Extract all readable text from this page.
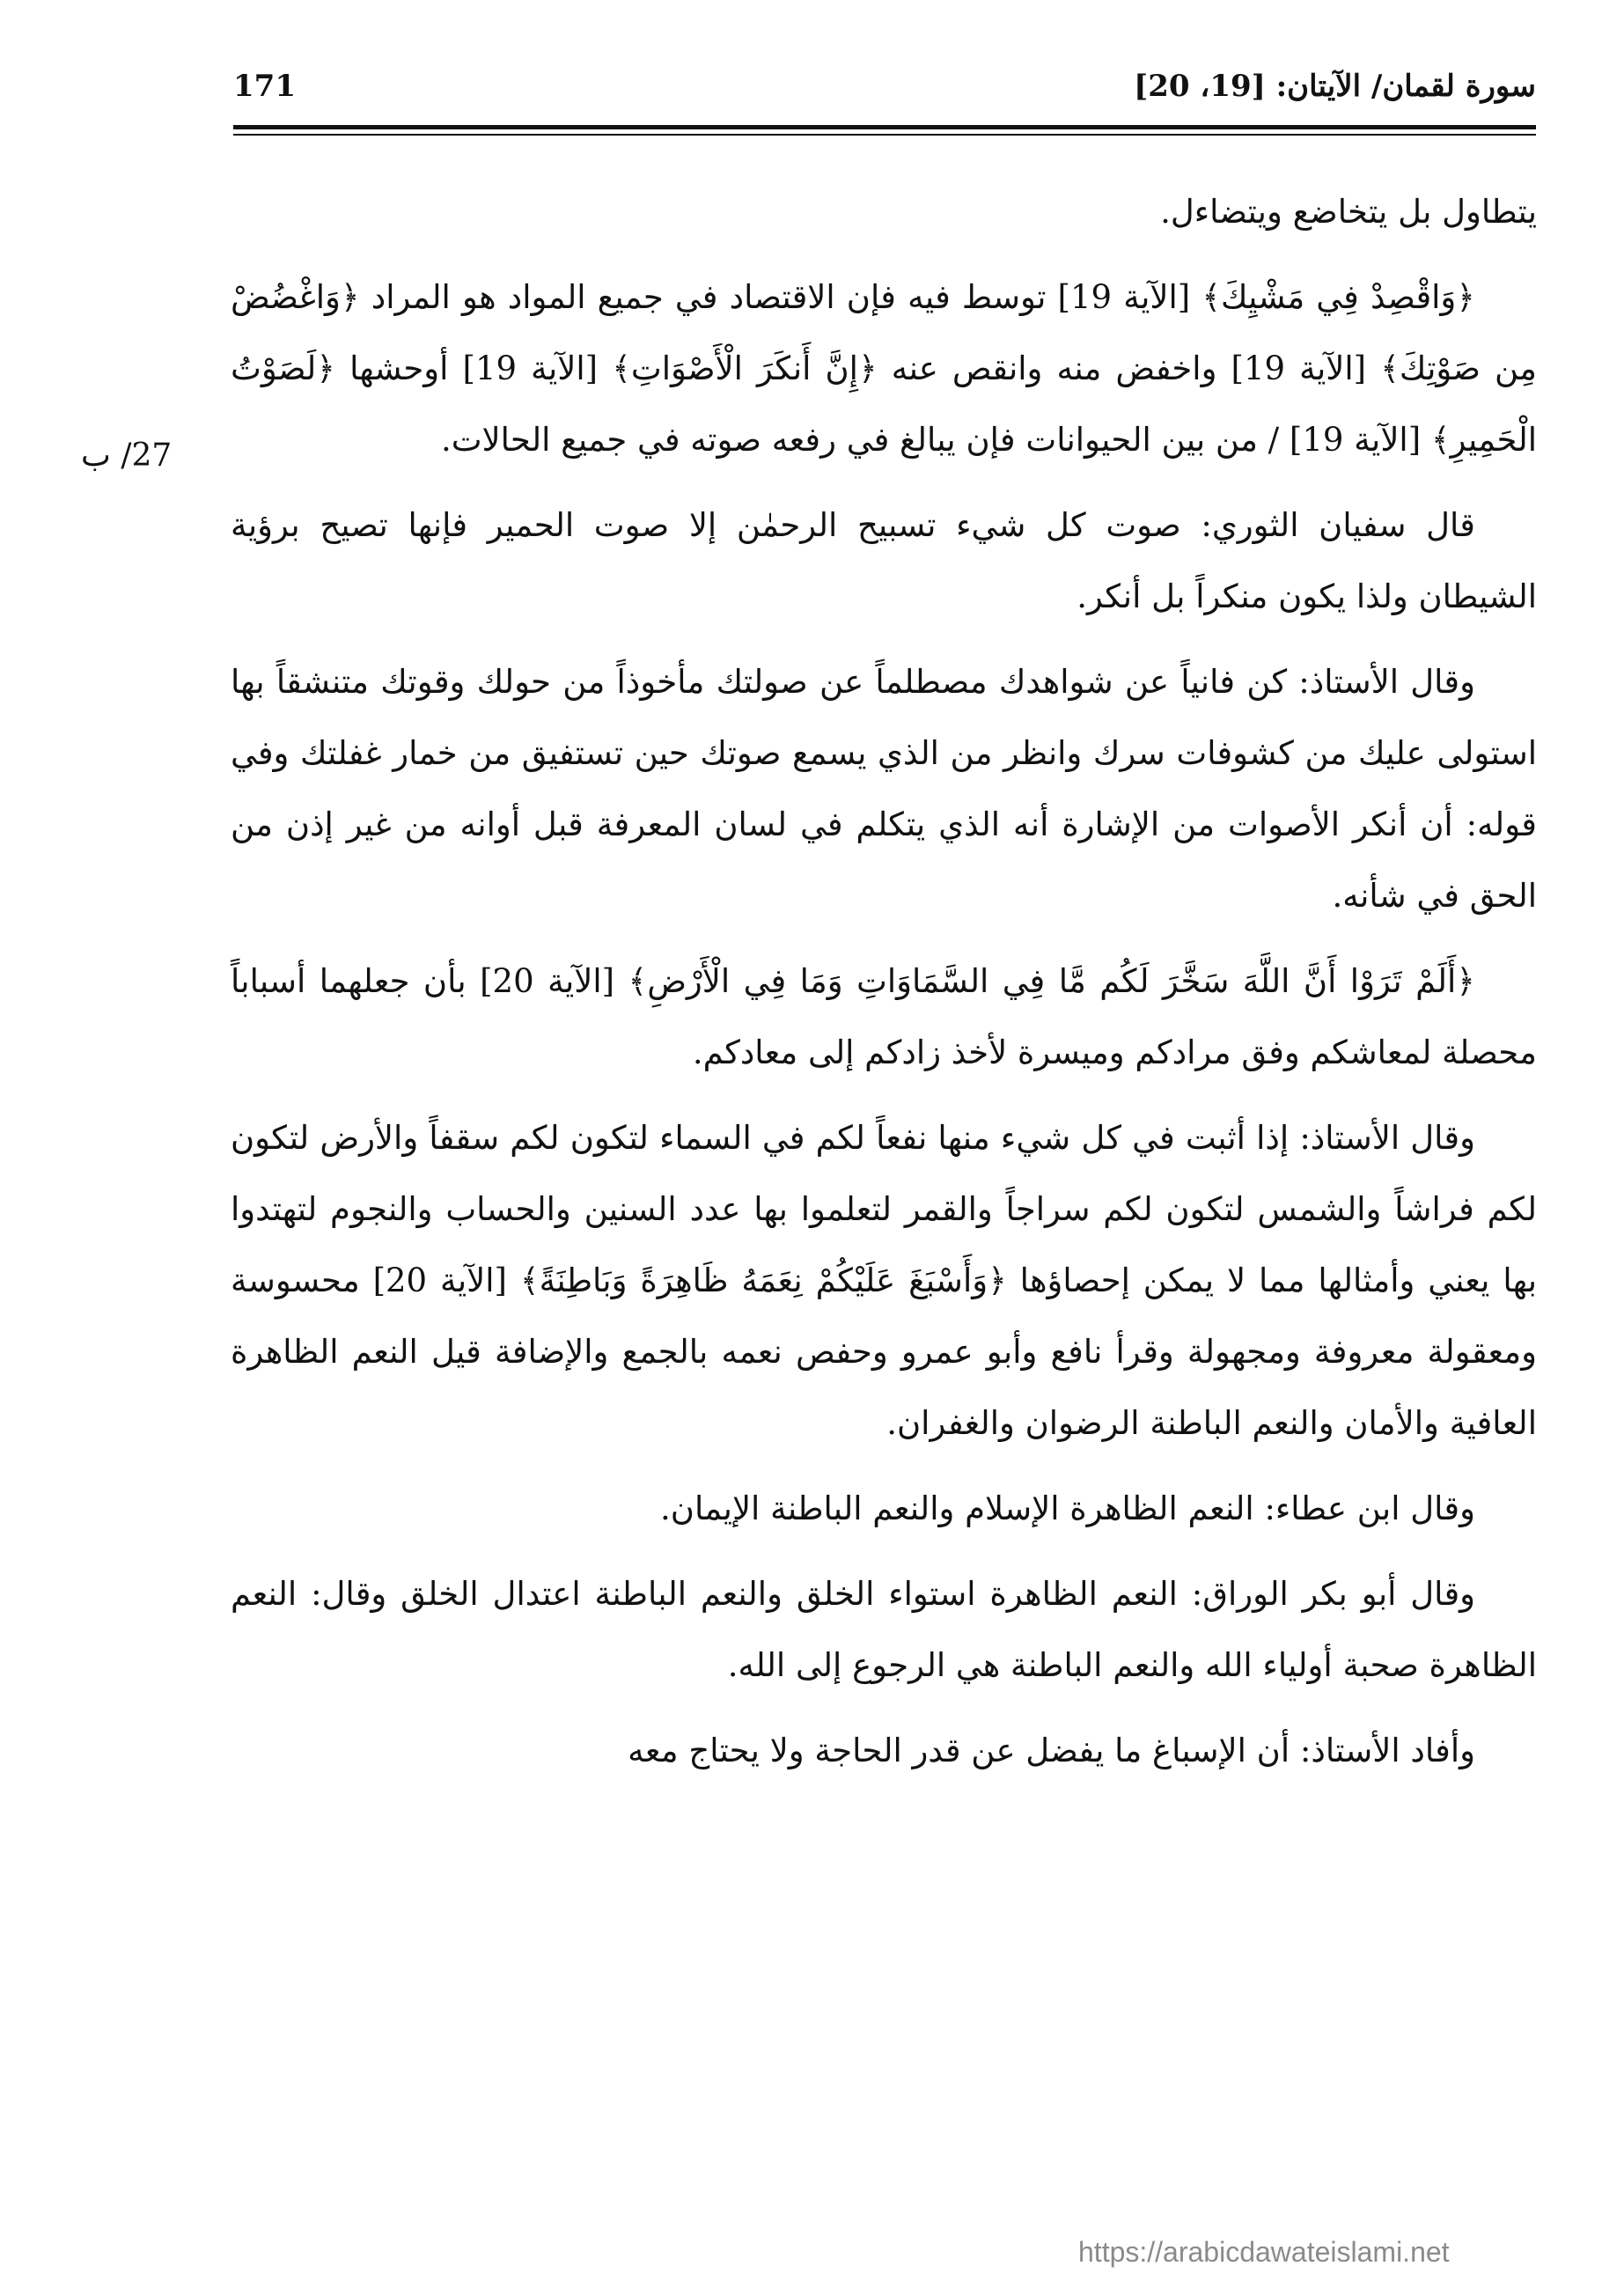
171	سورة لقمان/ الآيتان: [19، 20]
27/ ب

يتطاول بل يتخاضع ويتضاءل.

﴿وَاقْصِدْ فِي مَشْيِكَ﴾ [الآية 19] توسط فيه فإن الاقتصاد في جميع المواد هو المراد ﴿وَاغْضُضْ مِن صَوْتِكَ﴾ [الآية 19] واخفض منه وانقص عنه ﴿إِنَّ أَنكَرَ الْأَصْوَاتِ﴾ [الآية 19] أوحشها ﴿لَصَوْتُ الْحَمِيرِ﴾ [الآية 19] / من بين الحيوانات فإن يبالغ في رفعه صوته في جميع الحالات.

قال سفيان الثوري: صوت كل شيء تسبيح الرحمٰن إلا صوت الحمير فإنها تصيح برؤية الشيطان ولذا يكون منكراً بل أنكر.

وقال الأستاذ: كن فانياً عن شواهدك مصطلماً عن صولتك مأخوذاً من حولك وقوتك متنشقاً بها استولى عليك من كشوفات سرك وانظر من الذي يسمع صوتك حين تستفيق من خمار غفلتك وفي قوله: أن أنكر الأصوات من الإشارة أنه الذي يتكلم في لسان المعرفة قبل أوانه من غير إذن من الحق في شأنه.

﴿أَلَمْ تَرَوْا أَنَّ اللَّهَ سَخَّرَ لَكُم مَّا فِي السَّمَاوَاتِ وَمَا فِي الْأَرْضِ﴾ [الآية 20] بأن جعلهما أسباباً محصلة لمعاشكم وفق مرادكم وميسرة لأخذ زادكم إلى معادكم.

وقال الأستاذ: إذا أثبت في كل شيء منها نفعاً لكم في السماء لتكون لكم سقفاً والأرض لتكون لكم فراشاً والشمس لتكون لكم سراجاً والقمر لتعلموا بها عدد السنين والحساب والنجوم لتهتدوا بها يعني وأمثالها مما لا يمكن إحصاؤها ﴿وَأَسْبَغَ عَلَيْكُمْ نِعَمَهُ ظَاهِرَةً وَبَاطِنَةً﴾ [الآية 20] محسوسة ومعقولة معروفة ومجهولة وقرأ نافع وأبو عمرو وحفص نعمه بالجمع والإضافة قيل النعم الظاهرة العافية والأمان والنعم الباطنة الرضوان والغفران.

وقال ابن عطاء: النعم الظاهرة الإسلام والنعم الباطنة الإيمان.

وقال أبو بكر الوراق: النعم الظاهرة استواء الخلق والنعم الباطنة اعتدال الخلق وقال: النعم الظاهرة صحبة أولياء الله والنعم الباطنة هي الرجوع إلى الله.

وأفاد الأستاذ: أن الإسباغ ما يفضل عن قدر الحاجة ولا يحتاج معه

https://arabicdawateislami.net
